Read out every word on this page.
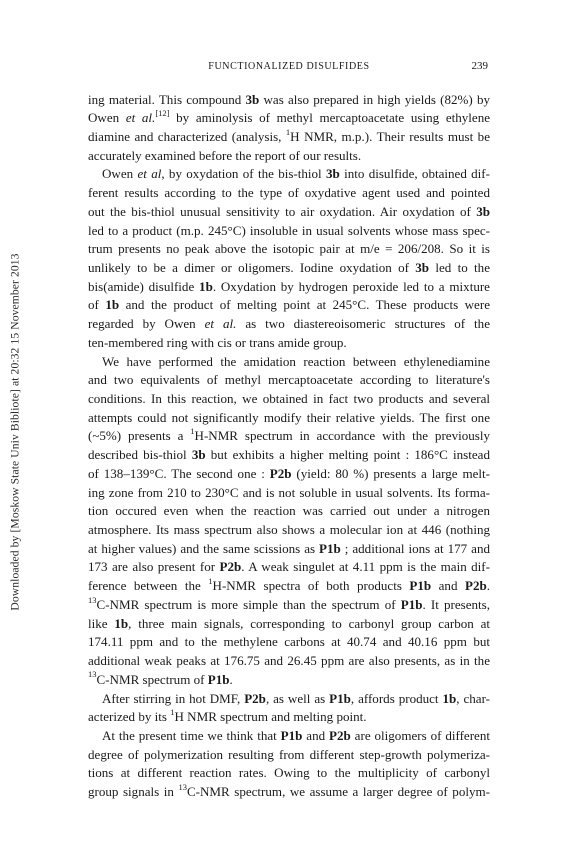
Downloaded by [Moskow State Univ Bibliote] at 20:32 15 November 2013
FUNCTIONALIZED DISULFIDES	239

ing material. This compound 3b was also prepared in high yields (82%) by
Owen et al.[12] by aminolysis of methyl mercaptoacetate using ethylene
diamine and characterized (analysis, $^1$H NMR, m.p.). Their results must be
accurately examined before the report of our results.

Owen et al, by oxydation of the bis-thiol 3b into disulfide, obtained dif-
ferent results according to the type of oxydative agent used and pointed
out the bis-thiol unusual sensitivity to air oxydation. Air oxydation of 3b
led to a product (m.p. 245°C) insoluble in usual solvents whose mass spec-
trum presents no peak above the isotopic pair at m/e = 206/208. So it is
unlikely to be a dimer or oligomers. Iodine oxydation of 3b led to the
bis(amide) disulfide 1b. Oxydation by hydrogen peroxide led to a mixture
of 1b and the product of melting point at 245°C. These products were
regarded by Owen et al. as two diastereoisomeric structures of the
ten-membered ring with cis or trans amide group.

We have performed the amidation reaction between ethylenediamine
and two equivalents of methyl mercaptoacetate according to literature's
conditions. In this reaction, we obtained in fact two products and several
attempts could not significantly modify their relative yields. The first one
(~5%) presents a $^1$H-NMR spectrum in accordance with the previously
described bis-thiol 3b but exhibits a higher melting point : 186°C instead
of 138–139°C. The second one : P2b (yield: 80 %) presents a large melt-
ing zone from 210 to 230°C and is not soluble in usual solvents. Its forma-
tion occured even when the reaction was carried out under a nitrogen
atmosphere. Its mass spectrum also shows a molecular ion at 446 (nothing
at higher values) and the same scissions as P1b ; additional ions at 177 and
173 are also present for P2b. A weak singulet at 4.11 ppm is the main dif-
ference between the $^1$H-NMR spectra of both products P1b and P2b.
$^{13}$C-NMR spectrum is more simple than the spectrum of P1b. It presents,
like 1b, three main signals, corresponding to carbonyl group carbon at
174.11 ppm and to the methylene carbons at 40.74 and 40.16 ppm but
additional weak peaks at 176.75 and 26.45 ppm are also presents, as in the
$^{13}$C-NMR spectrum of P1b.

After stirring in hot DMF, P2b, as well as P1b, affords product 1b, char-
acterized by its $^1$H NMR spectrum and melting point.

At the present time we think that P1b and P2b are oligomers of different
degree of polymerization resulting from different step-growth polymeriza-
tions at different reaction rates. Owing to the multiplicity of carbonyl
group signals in $^{13}$C-NMR spectrum, we assume a larger degree of polym-
